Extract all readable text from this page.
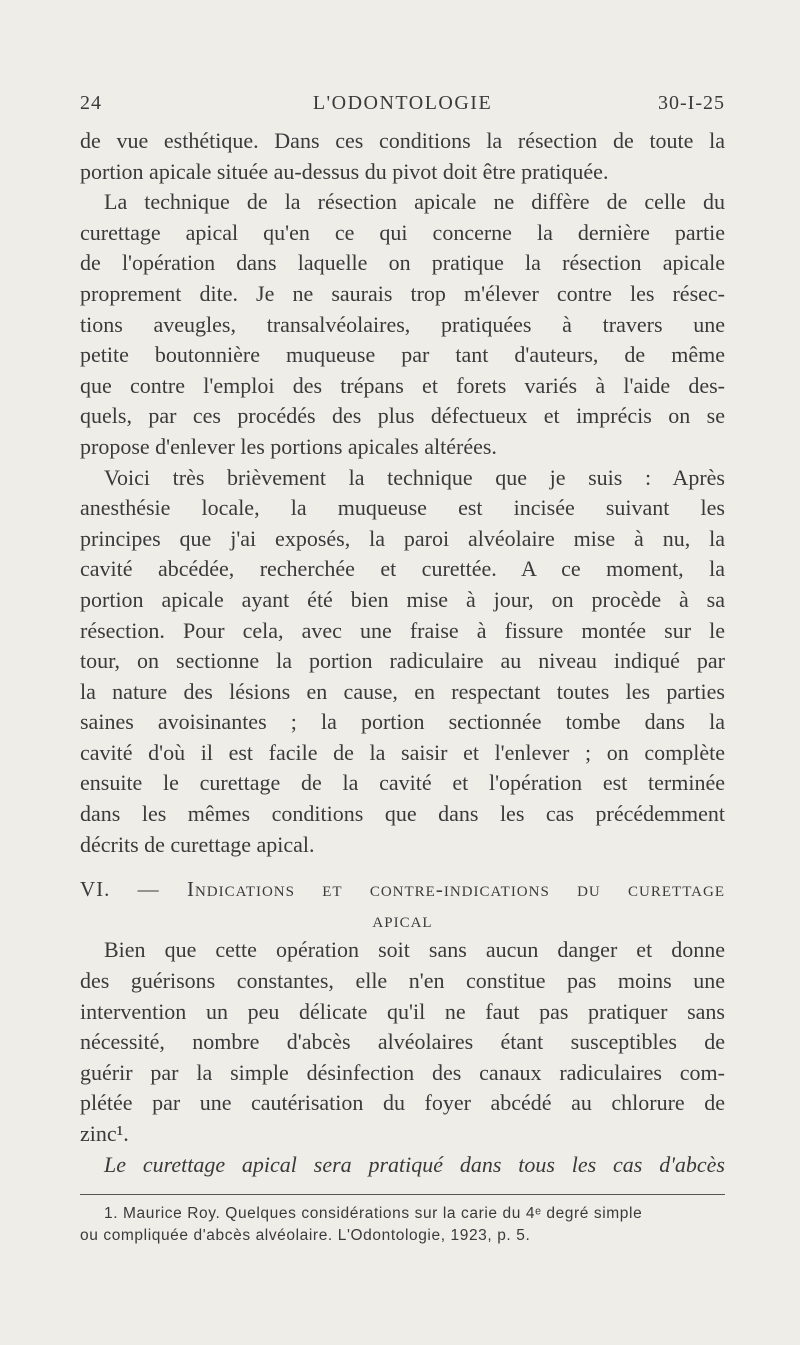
24	L'ODONTOLOGIE	30-I-25
de vue esthétique. Dans ces conditions la résection de toute la
portion apicale située au-dessus du pivot doit être pratiquée.
La technique de la résection apicale ne diffère de celle du
curettage apical qu'en ce qui concerne la dernière partie
de l'opération dans laquelle on pratique la résection apicale
proprement dite. Je ne saurais trop m'élever contre les résec-
tions aveugles, transalvéolaires, pratiquées à travers une
petite boutonnière muqueuse par tant d'auteurs, de même
que contre l'emploi des trépans et forets variés à l'aide des-
quels, par ces procédés des plus défectueux et imprécis on se
propose d'enlever les portions apicales altérées.
Voici très brièvement la technique que je suis : Après
anesthésie locale, la muqueuse est incisée suivant les
principes que j'ai exposés, la paroi alvéolaire mise à nu, la
cavité abcédée, recherchée et curettée. A ce moment, la
portion apicale ayant été bien mise à jour, on procède à sa
résection. Pour cela, avec une fraise à fissure montée sur le
tour, on sectionne la portion radiculaire au niveau indiqué par
la nature des lésions en cause, en respectant toutes les parties
saines avoisinantes ; la portion sectionnée tombe dans la
cavité d'où il est facile de la saisir et l'enlever ; on complète
ensuite le curettage de la cavité et l'opération est terminée
dans les mêmes conditions que dans les cas précédemment
décrits de curettage apical.
VI. — Indications et contre-indications du curettage
apical
Bien que cette opération soit sans aucun danger et donne
des guérisons constantes, elle n'en constitue pas moins une
intervention un peu délicate qu'il ne faut pas pratiquer sans
nécessité, nombre d'abcès alvéolaires étant susceptibles de
guérir par la simple désinfection des canaux radiculaires com-
plétée par une cautérisation du foyer abcédé au chlorure de
zinc¹.
Le curettage apical sera pratiqué dans tous les cas d'abcès
1. Maurice Roy. Quelques considérations sur la carie du 4ᵉ degré simple
ou compliquée d'abcès alvéolaire. L'Odontologie, 1923, p. 5.
